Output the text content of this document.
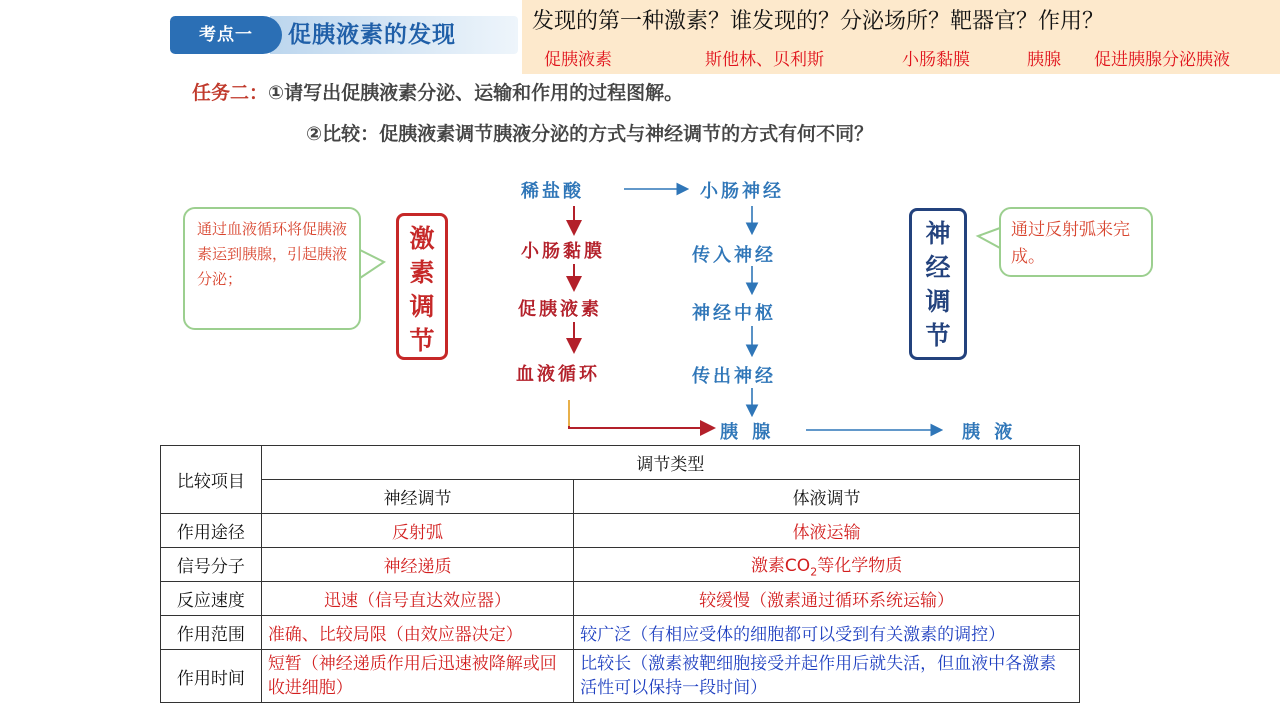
考点一	促胰液素的发现
发现的第一种激素？谁发现的？分泌场所？靶器官？作用？
促胰液素	斯他林、贝利斯	小肠黏膜	胰腺 促进胰腺分泌胰液
任务二：①请写出促胰液素分泌、运输和作用的过程图解。
②比较：促胰液素调节胰液分泌的方式与神经调节的方式有何不同？
稀盐酸
小肠黏膜
促胰液素
血液循环
小肠神经
传入神经
神经中枢
传出神经
胰 腺	胰 液
通过血液循环将促胰液素运到胰腺，引起胰液分泌；
通过反射弧来完成。
激
素
调
节
神
经
调
节
比较项目	调节类型	
	神经调节	体液调节
作用途径	反射弧	体液运输
信号分子	神经递质	激素$CO_2$等化学物质
反应速度	迅速（信号直达效应器）	较缓慢（激素通过循环系统运输）
作用范围	准确、比较局限（由效应器决定）	较广泛（有相应受体的细胞都可以受到有关激素的调控）
作用时间	短暂（神经递质作用后迅速被降解或回收进细胞）	比较长（激素被靶细胞接受并起作用后就失活，但血液中各激素活性可以保持一段时间）
